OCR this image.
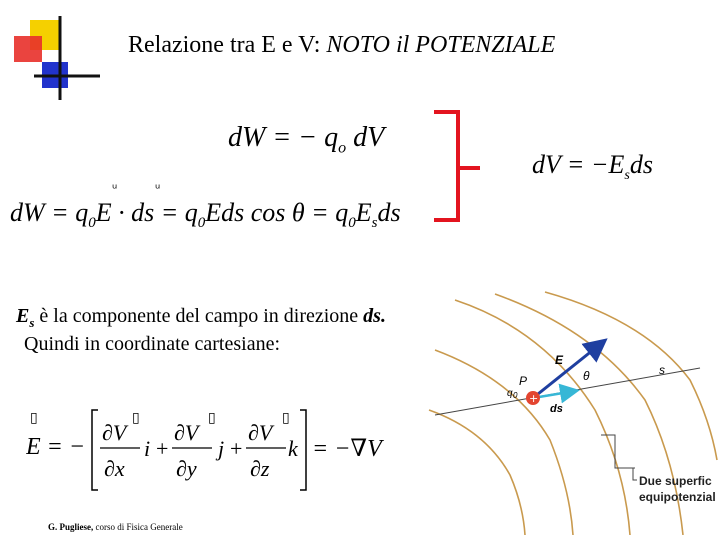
Relazione tra E e V: NOTO il POTENZIALE
dW = − $q_o$ dV
dW = $q_0E$ · ds = $q_0Eds$ $\cos \theta = q_0E_sds$
ᵘ	ᵘ
dV = $-E_sds$
$E_s$ è la componente del campo in direzione ds.
Quindi in coordinate cartesiane:
▯
E = −
∂V
∂x
▯
i +
∂V
∂y
▯
j +
∂V
∂z
▯
k = −∇V
+
E
θ	s
P
q 0
ds
Due superfic
equipotenzial
G. Pugliese, corso di Fisica Generale
